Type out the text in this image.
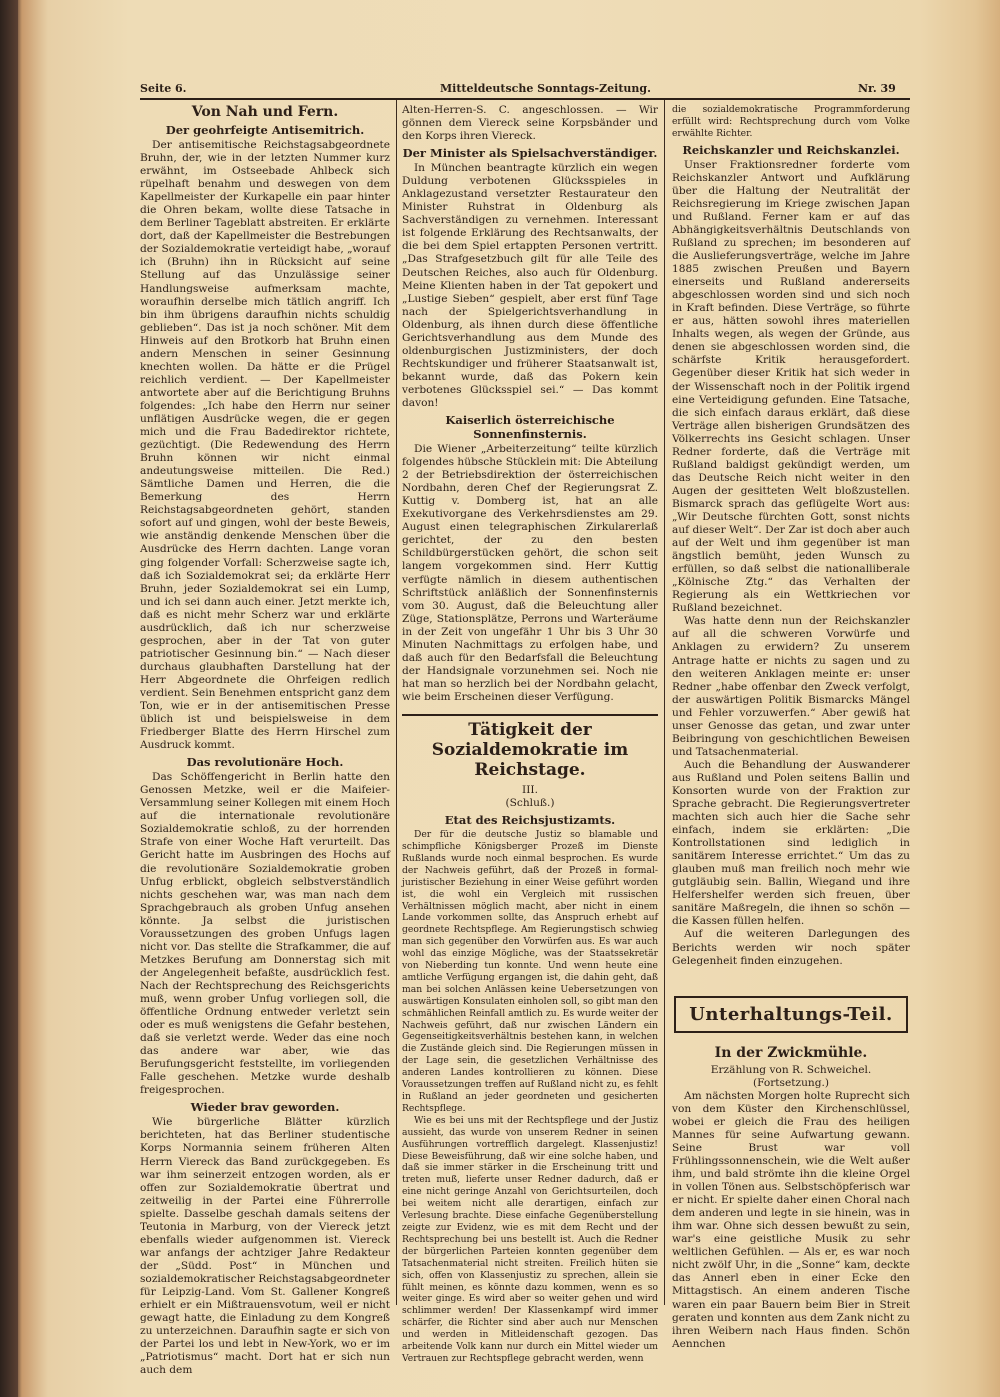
Seite 6.	Mitteldeutsche Sonntags-Zeitung.	Nr. 39
Von Nah und Fern.
Der geohrfeigte Antisemitrich.

Der antisemitische Reichstagsabgeordnete Bruhn, der, wie in der letzten Nummer kurz erwähnt, im Ostseebade Ahlbeck sich rüpelhaft benahm und deswegen von dem Kapellmeister der Kurkapelle ein paar hinter die Ohren bekam, wollte diese Tatsache in dem Berliner Tageblatt abstreiten. Er erklärte dort, daß der Kapellmeister die Bestrebungen der Sozialdemokratie verteidigt habe, „worauf ich (Bruhn) ihn in Rücksicht auf seine Stellung auf das Unzulässige seiner Handlungsweise aufmerksam machte, woraufhin derselbe mich tätlich angriff. Ich bin ihm übrigens daraufhin nichts schuldig geblieben“. Das ist ja noch schöner. Mit dem Hinweis auf den Brotkorb hat Bruhn einen andern Menschen in seiner Gesinnung knechten wollen. Da hätte er die Prügel reichlich verdient. — Der Kapellmeister antwortete aber auf die Berichtigung Bruhns folgendes: „Ich habe den Herrn nur seiner unflätigen Ausdrücke wegen, die er gegen mich und die Frau Badedirektor richtete, gezüchtigt. (Die Redewendung des Herrn Bruhn können wir nicht einmal andeutungsweise mitteilen. Die Red.) Sämtliche Damen und Herren, die die Bemerkung des Herrn Reichstagsabgeordneten gehört, standen sofort auf und gingen, wohl der beste Beweis, wie anständig denkende Menschen über die Ausdrücke des Herrn dachten. Lange voran ging folgender Vorfall: Scherzweise sagte ich, daß ich Sozialdemokrat sei; da erklärte Herr Bruhn, jeder Sozialdemokrat sei ein Lump, und ich sei dann auch einer. Jetzt merkte ich, daß es nicht mehr Scherz war und erklärte ausdrücklich, daß ich nur scherzweise gesprochen, aber in der Tat von guter patriotischer Gesinnung bin.“ — Nach dieser durchaus glaubhaften Darstellung hat der Herr Abgeordnete die Ohrfeigen redlich verdient. Sein Benehmen entspricht ganz dem Ton, wie er in der antisemitischen Presse üblich ist und beispielsweise in dem Friedberger Blatte des Herrn Hirschel zum Ausdruck kommt.

Das revolutionäre Hoch.

Das Schöffengericht in Berlin hatte den Genossen Metzke, weil er die Maifeier-Versammlung seiner Kollegen mit einem Hoch auf die internationale revolutionäre Sozialdemokratie schloß, zu der horrenden Strafe von einer Woche Haft verurteilt. Das Gericht hatte im Ausbringen des Hochs auf die revolutionäre Sozialdemokratie groben Unfug erblickt, obgleich selbstverständlich nichts geschehen war, was man nach dem Sprachgebrauch als groben Unfug ansehen könnte. Ja selbst die juristischen Voraussetzungen des groben Unfugs lagen nicht vor. Das stellte die Strafkammer, die auf Metzkes Berufung am Donnerstag sich mit der Angelegenheit befaßte, ausdrücklich fest. Nach der Rechtsprechung des Reichsgerichts muß, wenn grober Unfug vorliegen soll, die öffentliche Ordnung entweder verletzt sein oder es muß wenigstens die Gefahr bestehen, daß sie verletzt werde. Weder das eine noch das andere war aber, wie das Berufungsgericht feststellte, im vorliegenden Falle geschehen. Metzke wurde deshalb freigesprochen.

Wieder brav geworden.

Wie bürgerliche Blätter kürzlich berichteten, hat das Berliner studentische Korps Normannia seinem früheren Alten Herrn Viereck das Band zurückgegeben. Es war ihm seinerzeit entzogen worden, als er offen zur Sozialdemokratie übertrat und zeitweilig in der Partei eine Führerrolle spielte. Dasselbe geschah damals seitens der Teutonia in Marburg, von der Viereck jetzt ebenfalls wieder aufgenommen ist. Viereck war anfangs der achtziger Jahre Redakteur der „Südd. Post“ in München und sozialdemokratischer Reichstagsabgeordneter für Leipzig-Land. Vom St. Gallener Kongreß erhielt er ein Mißtrauensvotum, weil er nicht gewagt hatte, die Einladung zu dem Kongreß zu unterzeichnen. Daraufhin sagte er sich von der Partei los und lebt in New-York, wo er im „Patriotismus“ macht. Dort hat er sich nun auch dem

Alten-Herren-S. C. angeschlossen. — Wir gönnen dem Viereck seine Korpsbänder und den Korps ihren Viereck.

Der Minister als Spielsachverständiger.

In München beantragte kürzlich ein wegen Duldung verbotenen Glücksspieles in Anklagezustand versetzter Restaurateur den Minister Ruhstrat in Oldenburg als Sachverständigen zu vernehmen. Interessant ist folgende Erklärung des Rechtsanwalts, der die bei dem Spiel ertappten Personen vertritt. „Das Strafgesetzbuch gilt für alle Teile des Deutschen Reiches, also auch für Oldenburg. Meine Klienten haben in der Tat gepokert und „Lustige Sieben“ gespielt, aber erst fünf Tage nach der Spielgerichtsverhandlung in Oldenburg, als ihnen durch diese öffentliche Gerichtsverhandlung aus dem Munde des oldenburgischen Justizministers, der doch Rechtskundiger und früherer Staatsanwalt ist, bekannt wurde, daß das Pokern kein verbotenes Glücksspiel sei.“ — Das kommt davon!

Kaiserlich österreichische Sonnenfinsternis.

Die Wiener „Arbeiterzeitung“ teilte kürzlich folgendes hübsche Stücklein mit: Die Abteilung 2 der Betriebsdirektion der österreichischen Nordbahn, deren Chef der Regierungsrat Z. Kuttig v. Domberg ist, hat an alle Exekutivorgane des Verkehrsdienstes am 29. August einen telegraphischen Zirkularerlaß gerichtet, der zu den besten Schildbürgerstücken gehört, die schon seit langem vorgekommen sind. Herr Kuttig verfügte nämlich in diesem authentischen Schriftstück anläßlich der Sonnenfinsternis vom 30. August, daß die Beleuchtung aller Züge, Stationsplätze, Perrons und Warteräume in der Zeit von ungefähr 1 Uhr bis 3 Uhr 30 Minuten Nachmittags zu erfolgen habe, und daß auch für den Bedarfsfall die Beleuchtung der Handsignale vorzunehmen sei. Noch nie hat man so herzlich bei der Nordbahn gelacht, wie beim Erscheinen dieser Verfügung.

Tätigkeit der Sozialdemokratie im Reichstage.

III.

(Schluß.)

Etat des Reichsjustizamts.

Der für die deutsche Justiz so blamable und schimpfliche Königsberger Prozeß im Dienste Rußlands wurde noch einmal besprochen. Es wurde der Nachweis geführt, daß der Prozeß in formal-juristischer Beziehung in einer Weise geführt worden ist, die wohl ein Vergleich mit russischen Verhältnissen möglich macht, aber nicht in einem Lande vorkommen sollte, das Anspruch erhebt auf geordnete Rechtspflege. Am Regierungstisch schwieg man sich gegenüber den Vorwürfen aus. Es war auch wohl das einzige Mögliche, was der Staatssekretär von Nieberding tun konnte. Und wenn heute eine amtliche Verfügung ergangen ist, die dahin geht, daß man bei solchen Anlässen keine Uebersetzungen von auswärtigen Konsulaten einholen soll, so gibt man den schmählichen Reinfall amtlich zu. Es wurde weiter der Nachweis geführt, daß nur zwischen Ländern ein Gegenseitigkeitsverhältnis bestehen kann, in welchen die Zustände gleich sind. Die Regierungen müssen in der Lage sein, die gesetzlichen Verhältnisse des anderen Landes kontrollieren zu können. Diese Voraussetzungen treffen auf Rußland nicht zu, es fehlt in Rußland an jeder geordneten und gesicherten Rechtspflege.

Wie es bei uns mit der Rechtspflege und der Justiz aussieht, das wurde von unserem Redner in seinen Ausführungen vortrefflich dargelegt. Klassenjustiz! Diese Beweisführung, daß wir eine solche haben, und daß sie immer stärker in die Erscheinung tritt und treten muß, lieferte unser Redner dadurch, daß er eine nicht geringe Anzahl von Gerichtsurteilen, doch bei weitem nicht alle derartigen, einfach zur Verlesung brachte. Diese einfache Gegenüberstellung zeigte zur Evidenz, wie es mit dem Recht und der Rechtsprechung bei uns bestellt ist. Auch die Redner der bürgerlichen Parteien konnten gegenüber dem Tatsachenmaterial nicht streiten. Freilich hüten sie sich, offen von Klassenjustiz zu sprechen, allein sie fühlt meinen, es könnte dazu kommen, wenn es so weiter ginge. Es wird aber so weiter gehen und wird schlimmer werden! Der Klassenkampf wird immer schärfer, die Richter sind aber auch nur Menschen und werden in Mitleidenschaft gezogen. Das arbeitende Volk kann nur durch ein Mittel wieder um Vertrauen zur Rechtspflege gebracht werden, wenn

die sozialdemokratische Programmforderung erfüllt wird: Rechtsprechung durch vom Volke erwählte Richter.

Reichskanzler und Reichskanzlei.

Unser Fraktionsredner forderte vom Reichskanzler Antwort und Aufklärung über die Haltung der Neutralität der Reichsregierung im Kriege zwischen Japan und Rußland. Ferner kam er auf das Abhängigkeitsverhältnis Deutschlands von Rußland zu sprechen; im besonderen auf die Auslieferungsverträge, welche im Jahre 1885 zwischen Preußen und Bayern einerseits und Rußland andererseits abgeschlossen worden sind und sich noch in Kraft befinden. Diese Verträge, so führte er aus, hätten sowohl ihres materiellen Inhalts wegen, als wegen der Gründe, aus denen sie abgeschlossen worden sind, die schärfste Kritik herausgefordert. Gegenüber dieser Kritik hat sich weder in der Wissenschaft noch in der Politik irgend eine Verteidigung gefunden. Eine Tatsache, die sich einfach daraus erklärt, daß diese Verträge allen bisherigen Grundsätzen des Völkerrechts ins Gesicht schlagen. Unser Redner forderte, daß die Verträge mit Rußland baldigst gekündigt werden, um das Deutsche Reich nicht weiter in den Augen der gesitteten Welt bloßzustellen. Bismarck sprach das geflügelte Wort aus: „Wir Deutsche fürchten Gott, sonst nichts auf dieser Welt“. Der Zar ist doch aber auch auf der Welt und ihm gegenüber ist man ängstlich bemüht, jeden Wunsch zu erfüllen, so daß selbst die nationalliberale „Kölnische Ztg.“ das Verhalten der Regierung als ein Wettkriechen vor Rußland bezeichnet.

Was hatte denn nun der Reichskanzler auf all die schweren Vorwürfe und Anklagen zu erwidern? Zu unserem Antrage hatte er nichts zu sagen und zu den weiteren Anklagen meinte er: unser Redner „habe offenbar den Zweck verfolgt, der auswärtigen Politik Bismarcks Mängel und Fehler vorzuwerfen.“ Aber gewiß hat unser Genosse das getan, und zwar unter Beibringung von geschichtlichen Beweisen und Tatsachenmaterial.

Auch die Behandlung der Auswanderer aus Rußland und Polen seitens Ballin und Konsorten wurde von der Fraktion zur Sprache gebracht. Die Regierungsvertreter machten sich auch hier die Sache sehr einfach, indem sie erklärten: „Die Kontrollstationen sind lediglich in sanitärem Interesse errichtet.“ Um das zu glauben muß man freilich noch mehr wie gutgläubig sein. Ballin, Wiegand und ihre Helfershelfer werden sich freuen, über sanitäre Maßregeln, die ihnen so schön — die Kassen füllen helfen.

Auf die weiteren Darlegungen des Berichts werden wir noch später Gelegenheit finden einzugehen.

Unterhaltungs-Teil.
In der Zwickmühle.

Erzählung von R. Schweichel.

(Fortsetzung.)

Am nächsten Morgen holte Ruprecht sich von dem Küster den Kirchenschlüssel, wobei er gleich die Frau des heiligen Mannes für seine Aufwartung gewann. Seine Brust war voll Frühlingssonnenschein, wie die Welt außer ihm, und bald strömte ihn die kleine Orgel in vollen Tönen aus. Selbstschöpferisch war er nicht. Er spielte daher einen Choral nach dem anderen und legte in sie hinein, was in ihm war. Ohne sich dessen bewußt zu sein, war's eine geistliche Musik zu sehr weltlichen Gefühlen. — Als er, es war noch nicht zwölf Uhr, in die „Sonne“ kam, deckte das Annerl eben in einer Ecke den Mittagstisch. An einem anderen Tische waren ein paar Bauern beim Bier in Streit geraten und konnten aus dem Zank nicht zu ihren Weibern nach Haus finden. Schön Aennchen
